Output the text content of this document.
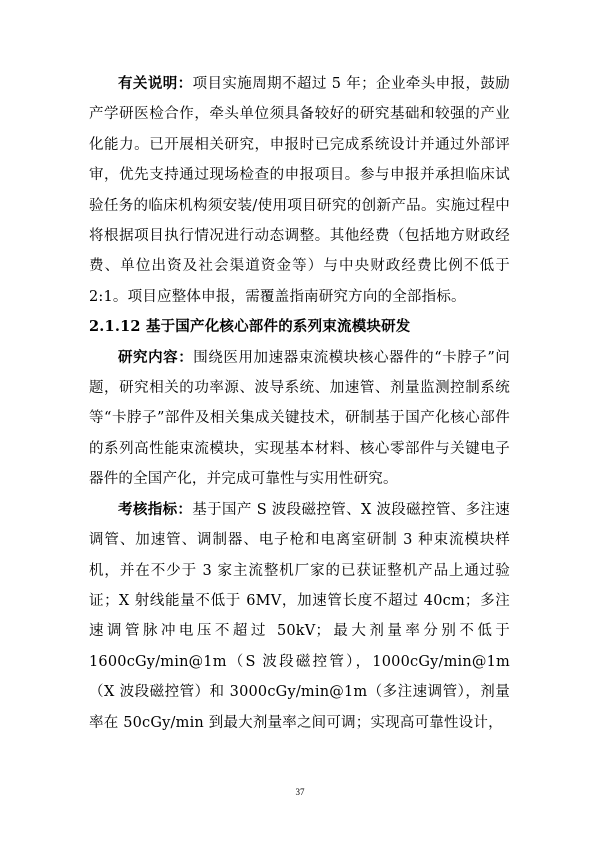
有关说明：项目实施周期不超过 5 年；企业牵头申报，鼓励产学研医检合作，牵头单位须具备较好的研究基础和较强的产业化能力。已开展相关研究，申报时已完成系统设计并通过外部评审，优先支持通过现场检查的申报项目。参与申报并承担临床试验任务的临床机构须安装/使用项目研究的创新产品。实施过程中将根据项目执行情况进行动态调整。其他经费（包括地方财政经费、单位出资及社会渠道资金等）与中央财政经费比例不低于 2:1。项目应整体申报，需覆盖指南研究方向的全部指标。

2.1.12 基于国产化核心部件的系列束流模块研发

研究内容：围绕医用加速器束流模块核心器件的“卡脖子”问题，研究相关的功率源、波导系统、加速管、剂量监测控制系统等“卡脖子”部件及相关集成关键技术，研制基于国产化核心部件的系列高性能束流模块，实现基本材料、核心零部件与关键电子器件的全国产化，并完成可靠性与实用性研究。

考核指标：基于国产 S 波段磁控管、X 波段磁控管、多注速调管、加速管、调制器、电子枪和电离室研制 3 种束流模块样机，并在不少于 3 家主流整机厂家的已获证整机产品上通过验证；X 射线能量不低于 6MV，加速管长度不超过 40cm；多注速调管脉冲电压不超过 50kV；最大剂量率分别不低于 1600cGy/min@1m（S 波段磁控管），1000cGy/min@1m（X 波段磁控管）和 3000cGy/min@1m（多注速调管），剂量率在 50cGy/min 到最大剂量率之间可调；实现高可靠性设计，

37
